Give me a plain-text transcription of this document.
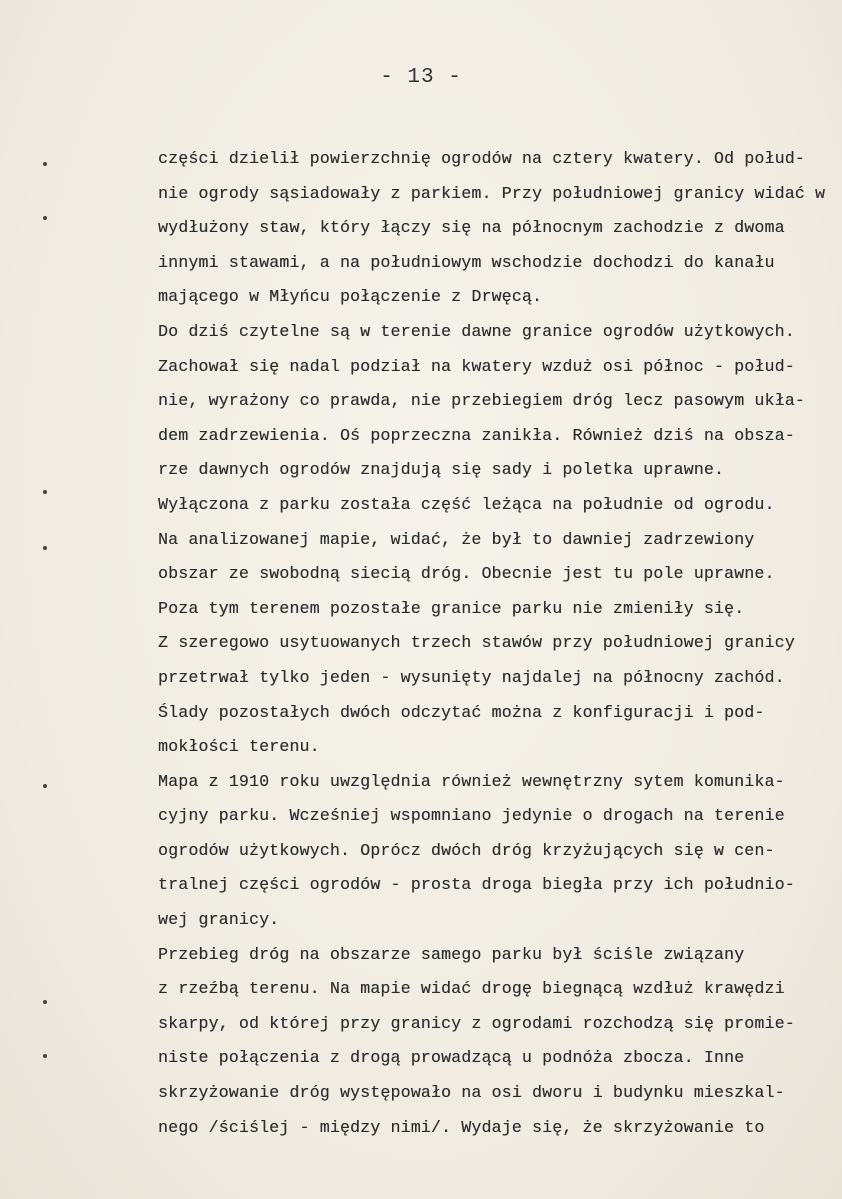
- 13 -
części dzielił powierzchnię ogrodów na cztery kwatery. Od połud-
nie ogrody sąsiadowały z parkiem. Przy południowej granicy widać w
wydłużony staw, który łączy się na północnym zachodzie z dwoma
innymi stawami, a na południowym wschodzie dochodzi do kanału
mającego w Młyńcu połączenie z Drwęcą.
Do dziś czytelne są w terenie dawne granice ogrodów użytkowych.
Zachował się nadal podział na kwatery wzduż osi północ - połud-
nie, wyrażony co prawda, nie przebiegiem dróg lecz pasowym ukła-
dem zadrzewienia. Oś poprzeczna zanikła. Również dziś na obsza-
rze dawnych ogrodów znajdują się sady i poletka uprawne.
Wyłączona z parku została część leżąca na południe od ogrodu.
Na analizowanej mapie, widać, że był to dawniej zadrzewiony
obszar ze swobodną siecią dróg. Obecnie jest tu pole uprawne.
Poza tym terenem pozostałe granice parku nie zmieniły się.
Z szeregowo usytuowanych trzech stawów przy południowej granicy
przetrwał tylko jeden - wysunięty najdalej na północny zachód.
Ślady pozostałych dwóch odczytać można z konfiguracji i pod-
mokłości terenu.
Mapa z 1910 roku uwzględnia również wewnętrzny sytem komunika-
cyjny parku. Wcześniej wspomniano jedynie o drogach na terenie
ogrodów użytkowych. Oprócz dwóch dróg krzyżujących się w cen-
tralnej części ogrodów - prosta droga biegła przy ich południo-
wej granicy.
Przebieg dróg na obszarze samego parku był ściśle związany
z rzeźbą terenu. Na mapie widać drogę biegnącą wzdłuż krawędzi
skarpy, od której przy granicy z ogrodami rozchodzą się promie-
niste połączenia z drogą prowadzącą u podnóża zbocza. Inne
skrzyżowanie dróg występowało na osi dworu i budynku mieszkal-
nego /ściślej - między nimi/. Wydaje się, że skrzyżowanie to
